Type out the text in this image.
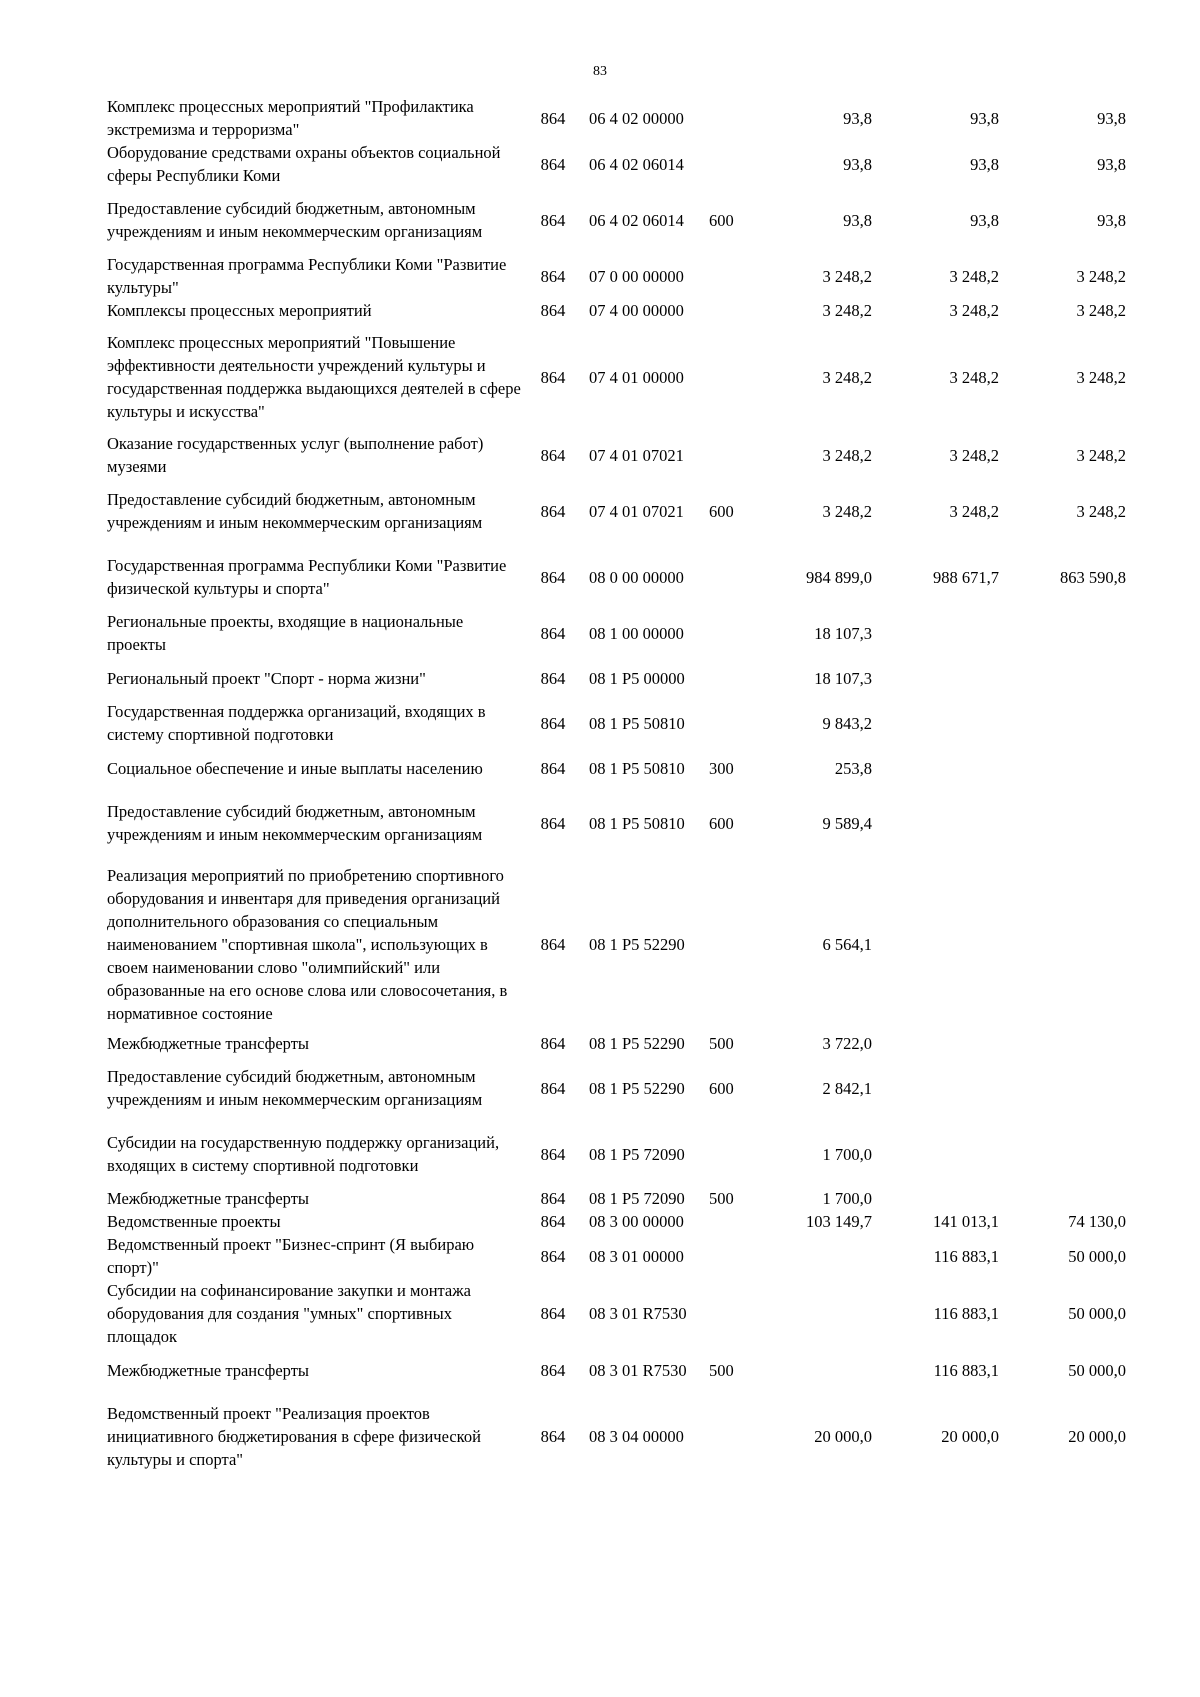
83
Комплекс процессных мероприятий "Профилактика экстремизма и терроризма"	864	06 4 02 00000		93,8	93,8	93,8
Оборудование средствами охраны объектов социальной сферы Республики Коми	864	06 4 02 06014		93,8	93,8	93,8
Предоставление субсидий бюджетным, автономным учреждениям и иным некоммерческим организациям	864	06 4 02 06014	600	93,8	93,8	93,8
Государственная программа Республики Коми "Развитие культуры"	864	07 0 00 00000		3 248,2	3 248,2	3 248,2
Комплексы процессных мероприятий	864	07 4 00 00000		3 248,2	3 248,2	3 248,2
Комплекс процессных мероприятий "Повышение эффективности деятельности учреждений культуры и государственная поддержка выдающихся деятелей в сфере культуры и искусства"	864	07 4 01 00000		3 248,2	3 248,2	3 248,2
Оказание государственных услуг (выполнение работ) музеями	864	07 4 01 07021		3 248,2	3 248,2	3 248,2
Предоставление субсидий бюджетным, автономным учреждениям и иным некоммерческим организациям	864	07 4 01 07021	600	3 248,2	3 248,2	3 248,2
Государственная программа Республики Коми "Развитие физической культуры и спорта"	864	08 0 00 00000		984 899,0	988 671,7	863 590,8
Региональные проекты, входящие в национальные проекты	864	08 1 00 00000		18 107,3		
Региональный проект "Спорт - норма жизни"	864	08 1 P5 00000		18 107,3		
Государственная поддержка организаций, входящих в систему спортивной подготовки	864	08 1 P5 50810		9 843,2		
Социальное обеспечение и иные выплаты населению	864	08 1 P5 50810	300	253,8		
Предоставление субсидий бюджетным, автономным учреждениям и иным некоммерческим организациям	864	08 1 P5 50810	600	9 589,4		
Реализация мероприятий по приобретению спортивного оборудования и инвентаря для приведения организаций дополнительного образования со специальным наименованием "спортивная школа", использующих в своем наименовании слово "олимпийский" или образованные на его основе слова или словосочетания, в нормативное состояние	864	08 1 P5 52290		6 564,1		
Межбюджетные трансферты	864	08 1 P5 52290	500	3 722,0		
Предоставление субсидий бюджетным, автономным учреждениям и иным некоммерческим организациям	864	08 1 P5 52290	600	2 842,1		
Субсидии на государственную поддержку организаций, входящих в систему спортивной подготовки	864	08 1 P5 72090		1 700,0		
Межбюджетные трансферты	864	08 1 P5 72090	500	1 700,0		
Ведомственные проекты	864	08 3 00 00000		103 149,7	141 013,1	74 130,0
Ведомственный проект "Бизнес-спринт (Я выбираю спорт)"	864	08 3 01 00000			116 883,1	50 000,0
Субсидии на софинансирование закупки и монтажа оборудования для создания "умных" спортивных площадок	864	08 3 01 R7530			116 883,1	50 000,0
Межбюджетные трансферты	864	08 3 01 R7530	500		116 883,1	50 000,0
Ведомственный проект "Реализация проектов инициативного бюджетирования в сфере физической культуры и спорта"	864	08 3 04 00000		20 000,0	20 000,0	20 000,0
